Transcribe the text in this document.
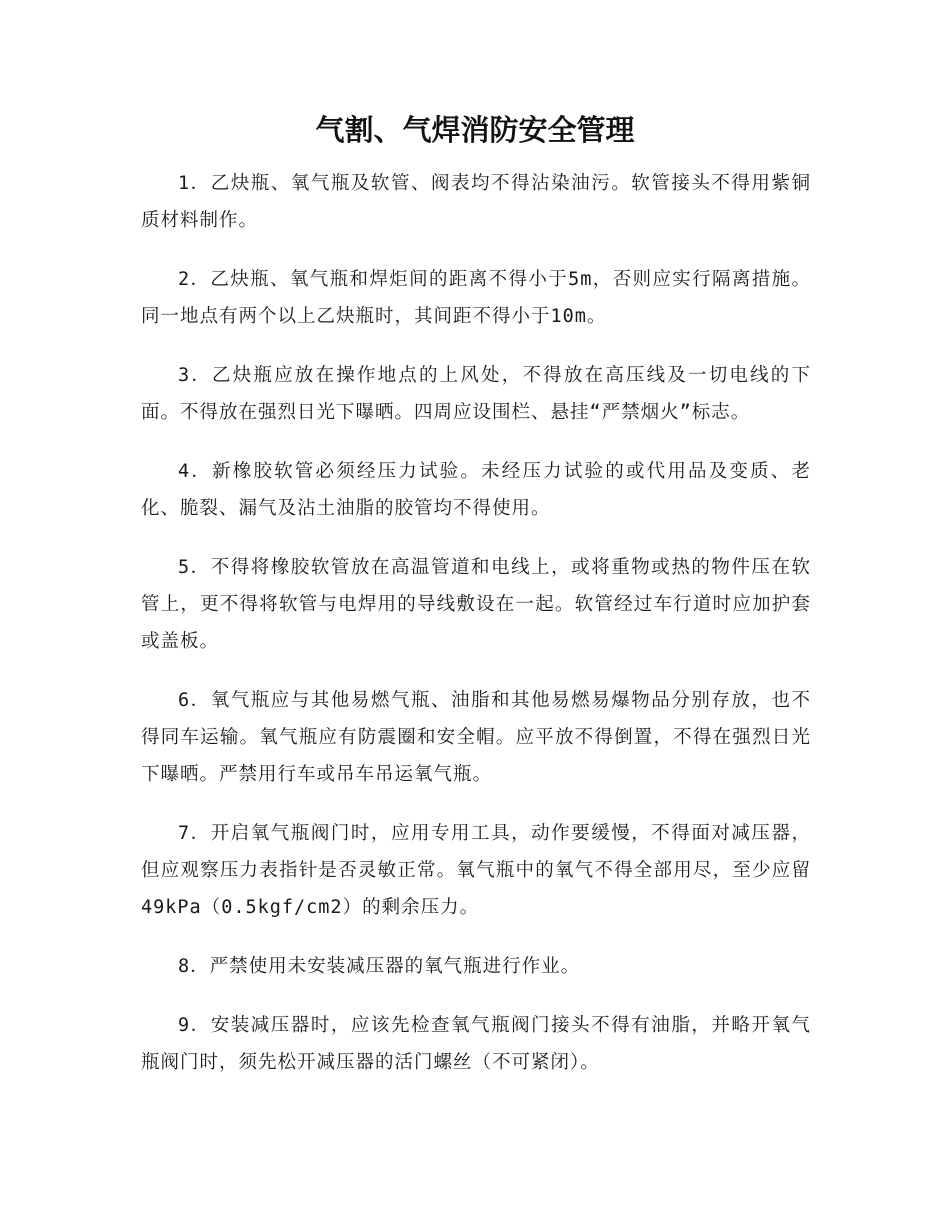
气割、气焊消防安全管理

1．乙炔瓶、氧气瓶及软管、阀表均不得沾染油污。软管接头不得用紫铜质材料制作。

2．乙炔瓶、氧气瓶和焊炬间的距离不得小于5m，否则应实行隔离措施。同一地点有两个以上乙炔瓶时，其间距不得小于10m。

3．乙炔瓶应放在操作地点的上风处，不得放在高压线及一切电线的下面。不得放在强烈日光下曝晒。四周应设围栏、悬挂“严禁烟火”标志。

4．新橡胶软管必须经压力试验。未经压力试验的或代用品及变质、老化、脆裂、漏气及沾土油脂的胶管均不得使用。

5．不得将橡胶软管放在高温管道和电线上，或将重物或热的物件压在软管上，更不得将软管与电焊用的导线敷设在一起。软管经过车行道时应加护套或盖板。

6．氧气瓶应与其他易燃气瓶、油脂和其他易燃易爆物品分别存放，也不得同车运输。氧气瓶应有防震圈和安全帽。应平放不得倒置，不得在强烈日光下曝晒。严禁用行车或吊车吊运氧气瓶。

7．开启氧气瓶阀门时，应用专用工具，动作要缓慢，不得面对减压器，但应观察压力表指针是否灵敏正常。氧气瓶中的氧气不得全部用尽，至少应留49kPa（0.5kgf/cm2）的剩余压力。

8．严禁使用未安装减压器的氧气瓶进行作业。

9．安装减压器时，应该先检查氧气瓶阀门接头不得有油脂，并略开氧气瓶阀门时，须先松开减压器的活门螺丝（不可紧闭）。
